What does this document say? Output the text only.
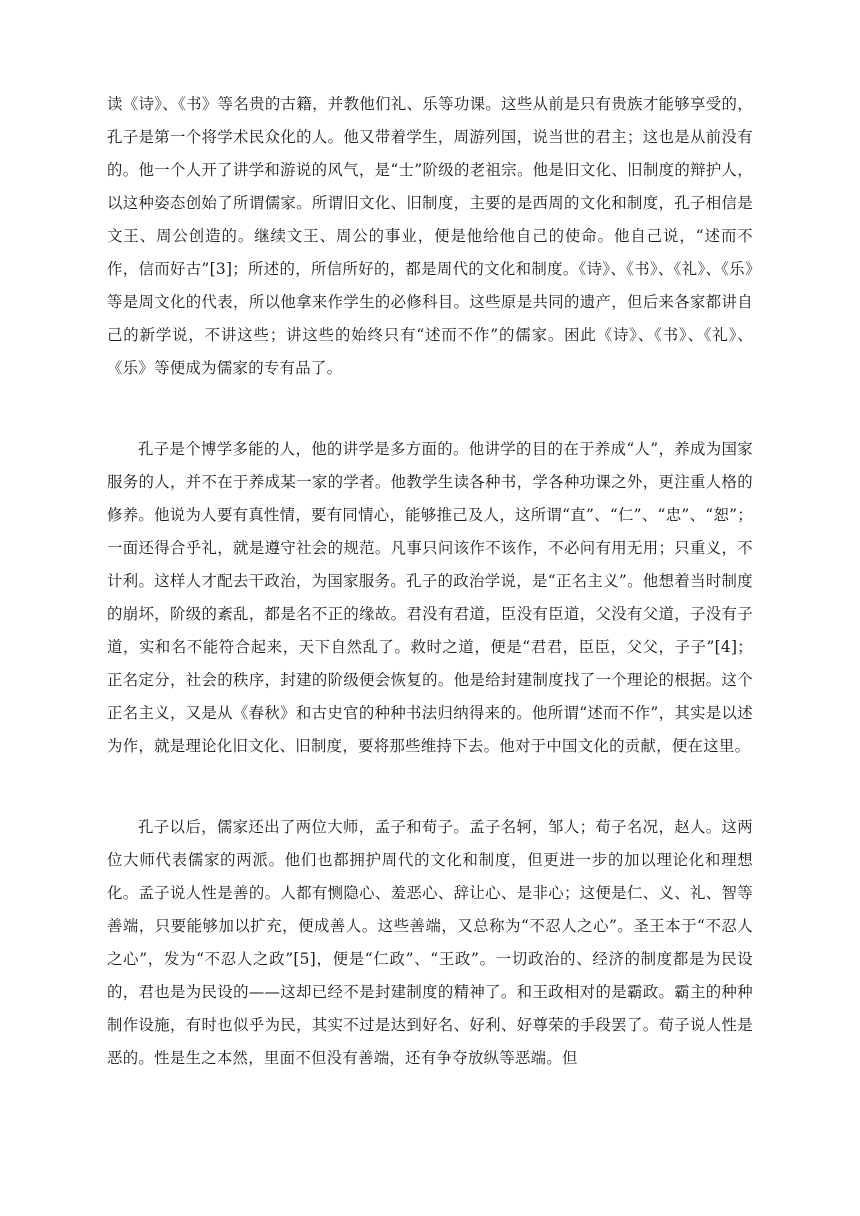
读《诗》、《书》等名贵的古籍，并教他们礼、乐等功课。这些从前是只有贵族才能够享受的，孔子是第一个将学术民众化的人。他又带着学生，周游列国，说当世的君主；这也是从前没有的。他一个人开了讲学和游说的风气，是“士”阶级的老祖宗。他是旧文化、旧制度的辩护人，以这种姿态创始了所谓儒家。所谓旧文化、旧制度，主要的是西周的文化和制度，孔子相信是文王、周公创造的。继续文王、周公的事业，便是他给他自己的使命。他自己说，“述而不作，信而好古”[3]；所述的，所信所好的，都是周代的文化和制度。《诗》、《书》、《礼》、《乐》等是周文化的代表，所以他拿来作学生的必修科目。这些原是共同的遗产，但后来各家都讲自己的新学说，不讲这些；讲这些的始终只有“述而不作”的儒家。困此《诗》、《书》、《礼》、《乐》等便成为儒家的专有品了。

孔子是个博学多能的人，他的讲学是多方面的。他讲学的目的在于养成“人”，养成为国家服务的人，并不在于养成某一家的学者。他教学生读各种书，学各种功课之外，更注重人格的修养。他说为人要有真性情，要有同情心，能够推己及人，这所谓“直”、“仁”、“忠”、“恕”；一面还得合乎礼，就是遵守社会的规范。凡事只问该作不该作，不必问有用无用；只重义，不计利。这样人才配去干政治，为国家服务。孔子的政治学说，是“正名主义”。他想着当时制度的崩坏，阶级的紊乱，都是名不正的缘故。君没有君道，臣没有臣道，父没有父道，子没有子道，实和名不能符合起来，天下自然乱了。救时之道，便是“君君，臣臣，父父，子子”[4]；正名定分，社会的秩序，封建的阶级便会恢复的。他是给封建制度找了一个理论的根据。这个正名主义，又是从《春秋》和古史官的种种书法归纳得来的。他所谓“述而不作”，其实是以述为作，就是理论化旧文化、旧制度，要将那些维持下去。他对于中国文化的贡献，便在这里。

孔子以后，儒家还出了两位大师，孟子和荀子。孟子名轲，邹人；荀子名况，赵人。这两位大师代表儒家的两派。他们也都拥护周代的文化和制度，但更进一步的加以理论化和理想化。孟子说人性是善的。人都有恻隐心、羞恶心、辞让心、是非心；这便是仁、义、礼、智等善端，只要能够加以扩充，便成善人。这些善端，又总称为“不忍人之心”。圣王本于“不忍人之心”，发为“不忍人之政”[5]，便是“仁政”、“王政”。一切政治的、经济的制度都是为民设的，君也是为民设的——这却已经不是封建制度的精神了。和王政相对的是霸政。霸主的种种制作设施，有时也似乎为民，其实不过是达到好名、好利、好尊荣的手段罢了。荀子说人性是恶的。性是生之本然，里面不但没有善端，还有争夺放纵等恶端。但
